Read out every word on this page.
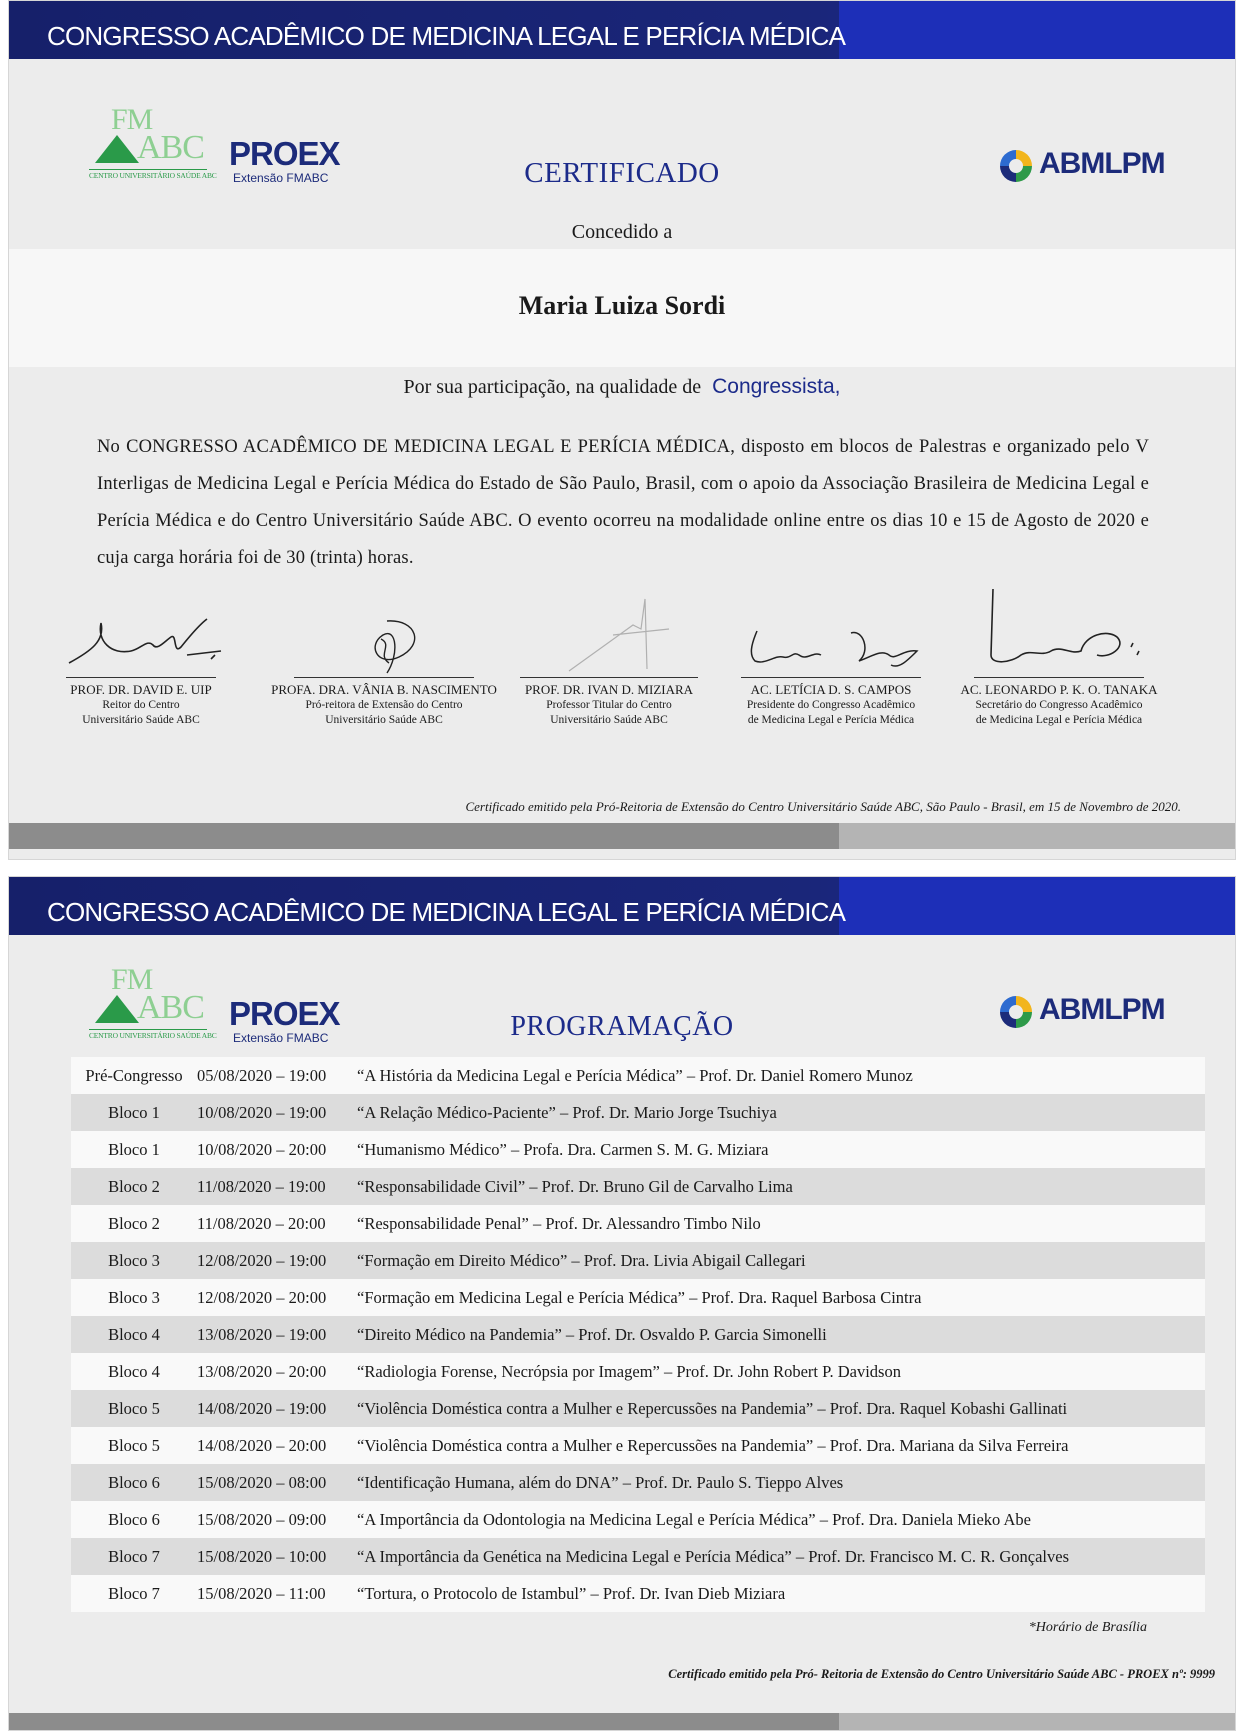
CONGRESSO ACADÊMICO DE MEDICINA LEGAL E PERÍCIA MÉDICA
FM
ABC
CENTRO UNIVERSITÁRIO SAÚDE ABC
PROEX
Extensão FMABC	ABMLPM
CERTIFICADO
Concedido a
Maria Luiza Sordi
Por sua participação, na qualidade de Congressista,
No CONGRESSO ACADÊMICO DE MEDICINA LEGAL E PERÍCIA MÉDICA, disposto em blocos de Palestras e organizado pelo V Interligas de Medicina Legal e Perícia Médica do Estado de São Paulo, Brasil, com o apoio da Associação Brasileira de Medicina Legal e Perícia Médica e do Centro Universitário Saúde ABC. O evento ocorreu na modalidade online entre os dias 10 e 15 de Agosto de 2020 e cuja carga horária foi de 30 (trinta) horas.
PROF. DR. DAVID E. UIP
Reitor do Centro
Universitário Saúde ABC
PROFA. DRA. VÂNIA B. NASCIMENTO
Pró-reitora de Extensão do Centro
Universitário Saúde ABC
PROF. DR. IVAN D. MIZIARA
Professor Titular do Centro
Universitário Saúde ABC
AC. LETÍCIA D. S. CAMPOS
Presidente do Congresso Acadêmico
de Medicina Legal e Perícia Médica
AC. LEONARDO P. K. O. TANAKA
Secretário do Congresso Acadêmico
de Medicina Legal e Perícia Médica
Certificado emitido pela Pró-Reitoria de Extensão do Centro Universitário Saúde ABC, São Paulo - Brasil, em 15 de Novembro de 2020.
CONGRESSO ACADÊMICO DE MEDICINA LEGAL E PERÍCIA MÉDICA
FM
ABC
CENTRO UNIVERSITÁRIO SAÚDE ABC
PROEX
Extensão FMABC
ABMLPM
PROGRAMAÇÃO
Pré-Congresso 05/08/2020 – 19:00	“A História da Medicina Legal e Perícia Médica” – Prof. Dr. Daniel Romero Munoz
Bloco 1	10/08/2020 – 19:00	“A Relação Médico-Paciente” – Prof. Dr. Mario Jorge Tsuchiya
Bloco 1	10/08/2020 – 20:00	“Humanismo Médico” – Profa. Dra. Carmen S. M. G. Miziara
Bloco 2	11/08/2020 – 19:00	“Responsabilidade Civil” – Prof. Dr. Bruno Gil de Carvalho Lima
Bloco 2	11/08/2020 – 20:00	“Responsabilidade Penal” – Prof. Dr. Alessandro Timbo Nilo
Bloco 3	12/08/2020 – 19:00	“Formação em Direito Médico” – Prof. Dra. Livia Abigail Callegari
Bloco 3	12/08/2020 – 20:00	“Formação em Medicina Legal e Perícia Médica” – Prof. Dra. Raquel Barbosa Cintra
Bloco 4	13/08/2020 – 19:00	“Direito Médico na Pandemia” – Prof. Dr. Osvaldo P. Garcia Simonelli
Bloco 4	13/08/2020 – 20:00	“Radiologia Forense, Necrópsia por Imagem” – Prof. Dr. John Robert P. Davidson
Bloco 5	14/08/2020 – 19:00	“Violência Doméstica contra a Mulher e Repercussões na Pandemia” – Prof. Dra. Raquel Kobashi Gallinati
Bloco 5	14/08/2020 – 20:00	“Violência Doméstica contra a Mulher e Repercussões na Pandemia” – Prof. Dra. Mariana da Silva Ferreira
Bloco 6	15/08/2020 – 08:00	“Identificação Humana, além do DNA” – Prof. Dr. Paulo S. Tieppo Alves
Bloco 6	15/08/2020 – 09:00	“A Importância da Odontologia na Medicina Legal e Perícia Médica” – Prof. Dra. Daniela Mieko Abe
Bloco 7	15/08/2020 – 10:00	“A Importância da Genética na Medicina Legal e Perícia Médica” – Prof. Dr. Francisco M. C. R. Gonçalves
Bloco 7	15/08/2020 – 11:00	“Tortura, o Protocolo de Istambul” – Prof. Dr. Ivan Dieb Miziara
*Horário de Brasília
Certificado emitido pela Pró- Reitoria de Extensão do Centro Universitário Saúde ABC - PROEX nº: 9999
